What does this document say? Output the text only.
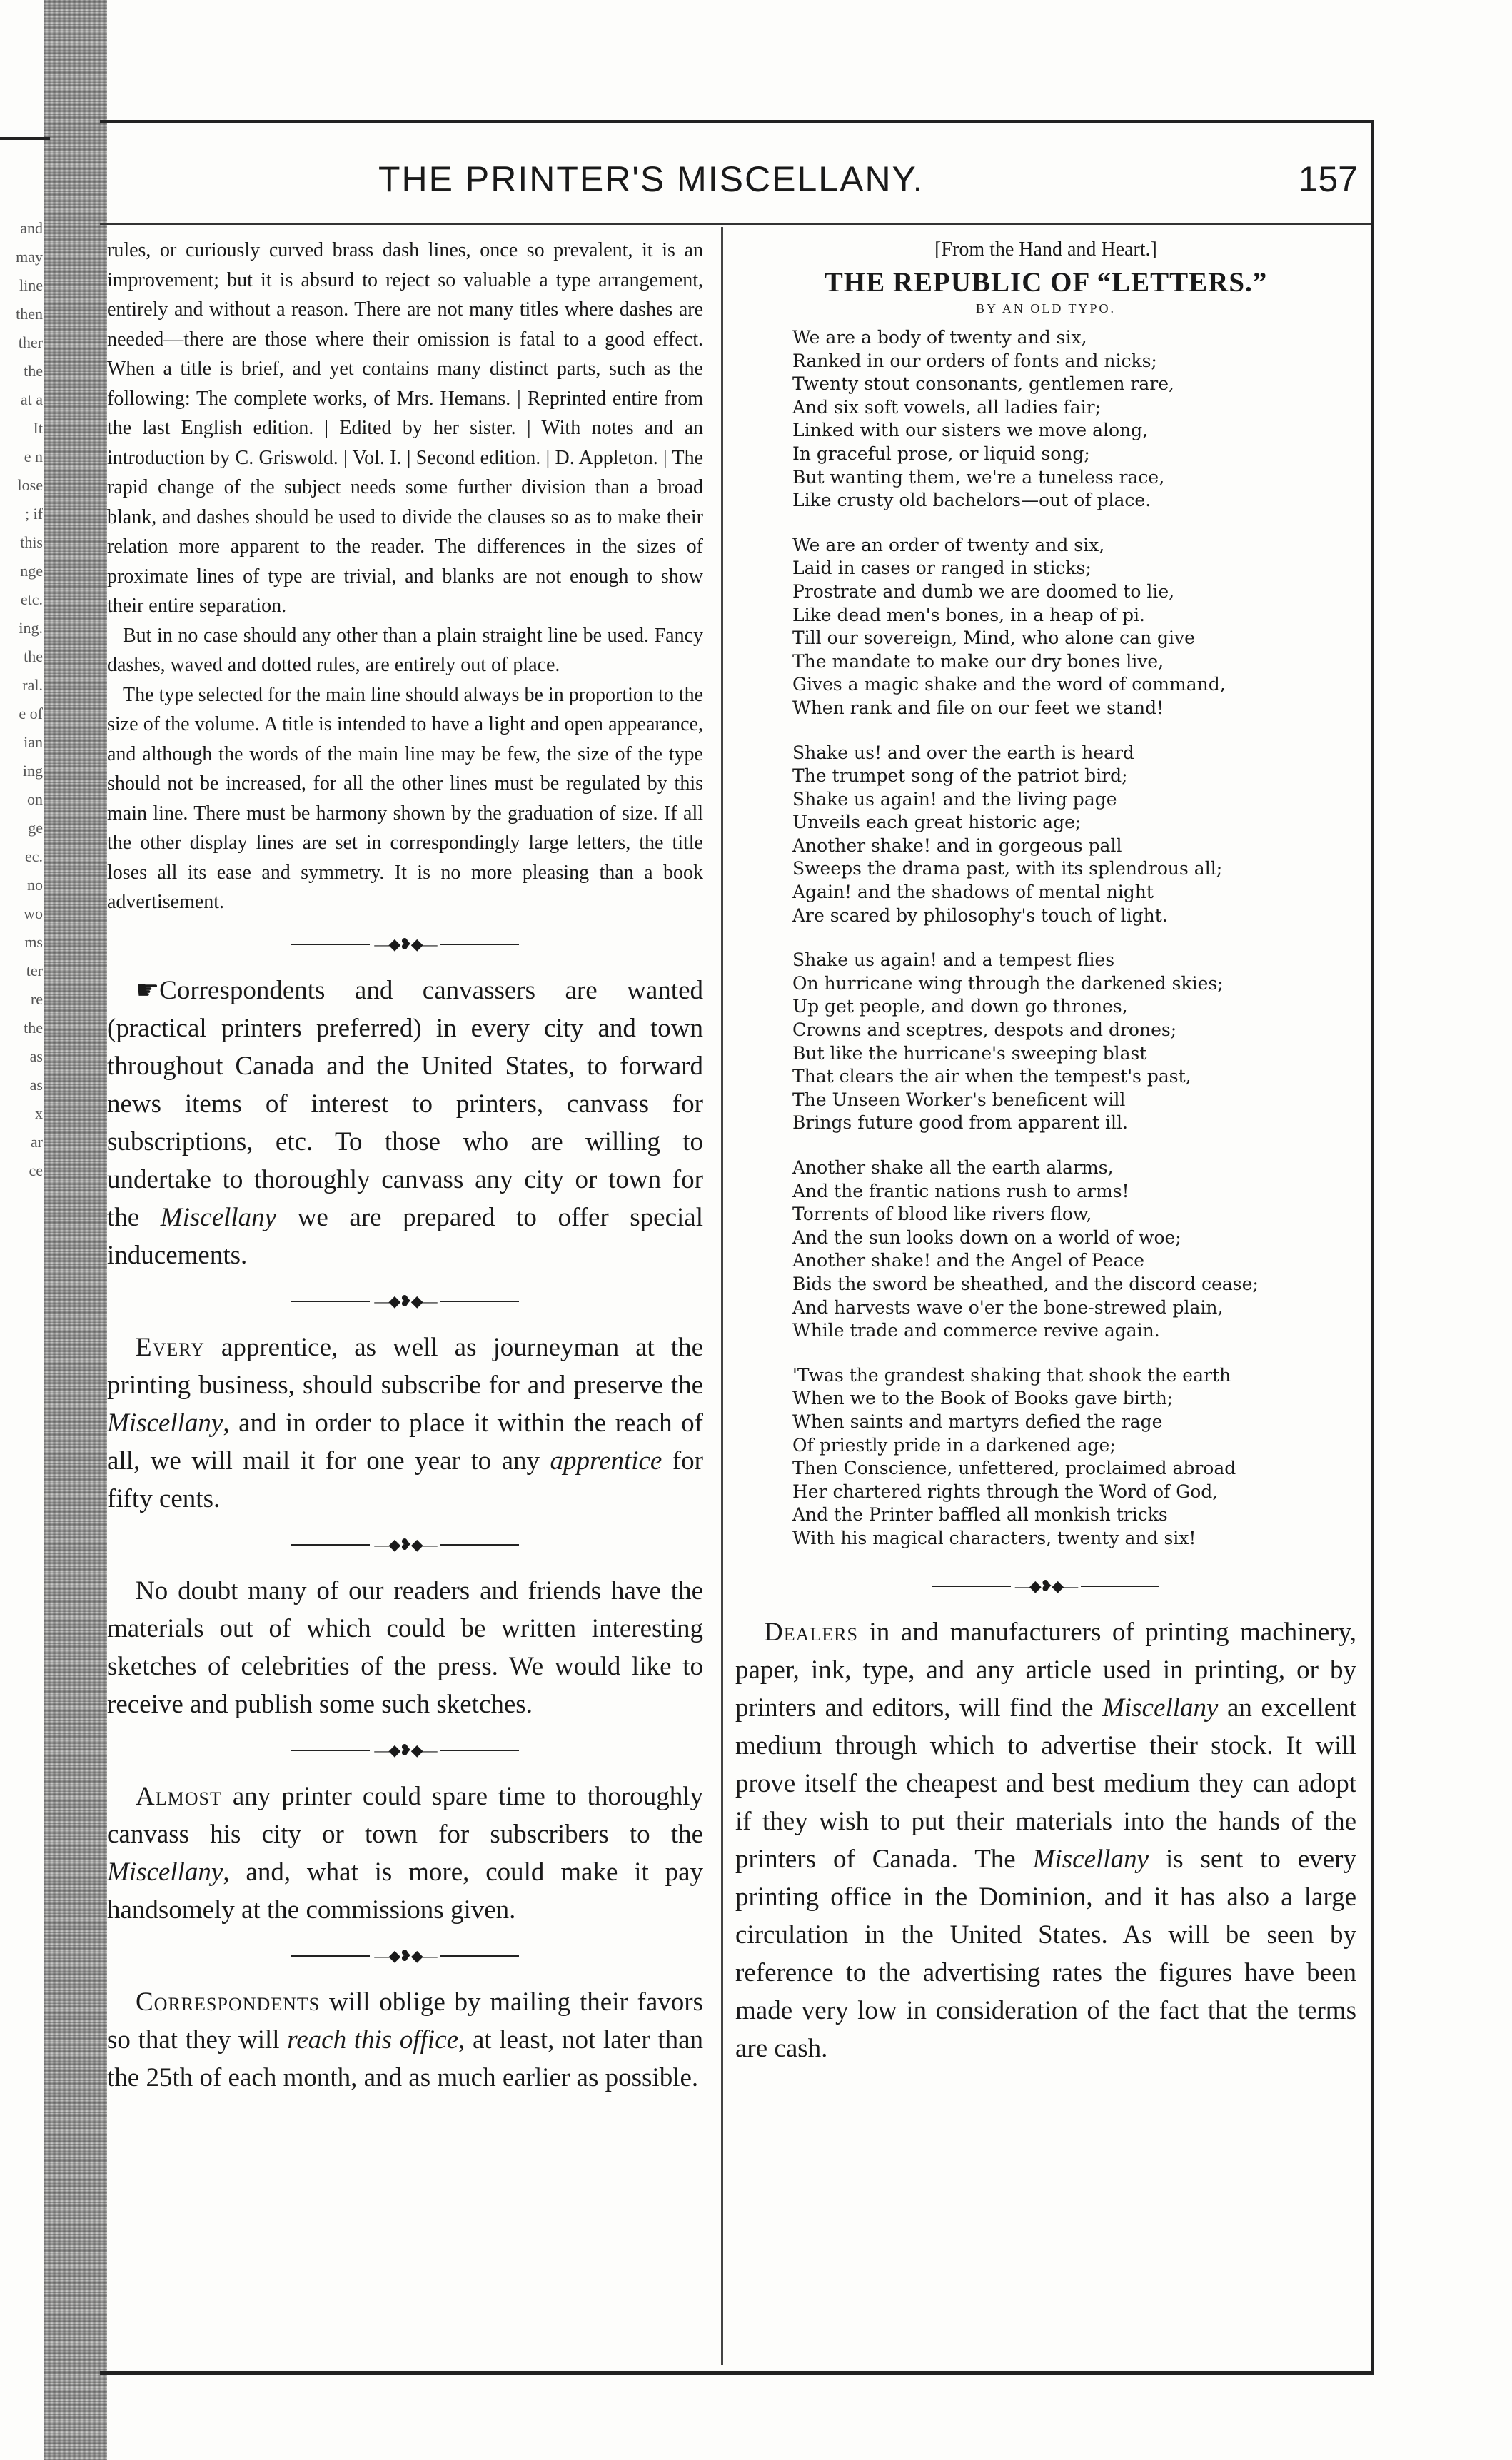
and
may
line
then
ther
the
at a
It
e n
lose
; if
this
nge
etc.
ing.
the
ral.
e of
ian
ing
on
ge
ec.
no
wo
ms
ter
re
the
as
as
x
ar
ce
THE PRINTER'S MISCELLANY.	157

rules, or curiously curved brass dash lines, once so prevalent, it is an improvement; but it is absurd to reject so valuable a type arrangement, entirely and without a reason. There are not many titles where dashes are needed—there are those where their omission is fatal to a good effect. When a title is brief, and yet contains many distinct parts, such as the following: The complete works, of Mrs. Hemans. | Reprinted entire from the last English edition. | Edited by her sister. | With notes and an introduction by C. Griswold. | Vol. I. | Second edition. | D. Appleton. | The rapid change of the subject needs some further division than a broad blank, and dashes should be used to divide the clauses so as to make their relation more apparent to the reader. The differences in the sizes of proximate lines of type are trivial, and blanks are not enough to show their entire separation.

But in no case should any other than a plain straight line be used. Fancy dashes, waved and dotted rules, are entirely out of place.

The type selected for the main line should always be in proportion to the size of the volume. A title is intended to have a light and open appearance, and although the words of the main line may be few, the size of the type should not be increased, for all the other lines must be regulated by this main line. There must be harmony shown by the graduation of size. If all the other display lines are set in correspondingly large letters, the title loses all its ease and symmetry. It is no more pleasing than a book advertisement.

—◆❥◆—

☛Correspondents and canvassers are wanted (practical printers preferred) in every city and town throughout Canada and the United States, to forward news items of interest to printers, canvass for subscriptions, etc. To those who are willing to undertake to thoroughly canvass any city or town for the Miscellany we are prepared to offer special inducements.

—◆❥◆—

Every apprentice, as well as journeyman at the printing business, should subscribe for and preserve the Miscellany, and in order to place it within the reach of all, we will mail it for one year to any apprentice for fifty cents.

—◆❥◆—

No doubt many of our readers and friends have the materials out of which could be written interesting sketches of celebrities of the press. We would like to receive and publish some such sketches.

—◆❥◆—

Almost any printer could spare time to thoroughly canvass his city or town for subscribers to the Miscellany, and, what is more, could make it pay handsomely at the commissions given.

—◆❥◆—

Correspondents will oblige by mailing their favors so that they will reach this office, at least, not later than the 25th of each month, and as much earlier as possible.

[From the Hand and Heart.]

THE REPUBLIC OF “LETTERS.”

BY AN OLD TYPO.

We are a body of twenty and six,
Ranked in our orders of fonts and nicks;
Twenty stout consonants, gentlemen rare,
And six soft vowels, all ladies fair;
Linked with our sisters we move along,
In graceful prose, or liquid song;
But wanting them, we're a tuneless race,
Like crusty old bachelors—out of place.
We are an order of twenty and six,
Laid in cases or ranged in sticks;
Prostrate and dumb we are doomed to lie,
Like dead men's bones, in a heap of pi.
Till our sovereign, Mind, who alone can give
The mandate to make our dry bones live,
Gives a magic shake and the word of command,
When rank and file on our feet we stand!
Shake us! and over the earth is heard
The trumpet song of the patriot bird;
Shake us again! and the living page
Unveils each great historic age;
Another shake! and in gorgeous pall
Sweeps the drama past, with its splendrous all;
Again! and the shadows of mental night
Are scared by philosophy's touch of light.
Shake us again! and a tempest flies
On hurricane wing through the darkened skies;
Up get people, and down go thrones,
Crowns and sceptres, despots and drones;
But like the hurricane's sweeping blast
That clears the air when the tempest's past,
The Unseen Worker's beneficent will
Brings future good from apparent ill.
Another shake all the earth alarms,
And the frantic nations rush to arms!
Torrents of blood like rivers flow,
And the sun looks down on a world of woe;
Another shake! and the Angel of Peace
Bids the sword be sheathed, and the discord cease;
And harvests wave o'er the bone-strewed plain,
While trade and commerce revive again.
'Twas the grandest shaking that shook the earth
When we to the Book of Books gave birth;
When saints and martyrs defied the rage
Of priestly pride in a darkened age;
Then Conscience, unfettered, proclaimed abroad
Her chartered rights through the Word of God,
And the Printer baffled all monkish tricks
With his magical characters, twenty and six!
—◆❥◆—

Dealers in and manufacturers of printing machinery, paper, ink, type, and any article used in printing, or by printers and editors, will find the Miscellany an excellent medium through which to advertise their stock. It will prove itself the cheapest and best medium they can adopt if they wish to put their materials into the hands of the printers of Canada. The Miscellany is sent to every printing office in the Dominion, and it has also a large circulation in the United States. As will be seen by reference to the advertising rates the figures have been made very low in consideration of the fact that the terms are cash.
